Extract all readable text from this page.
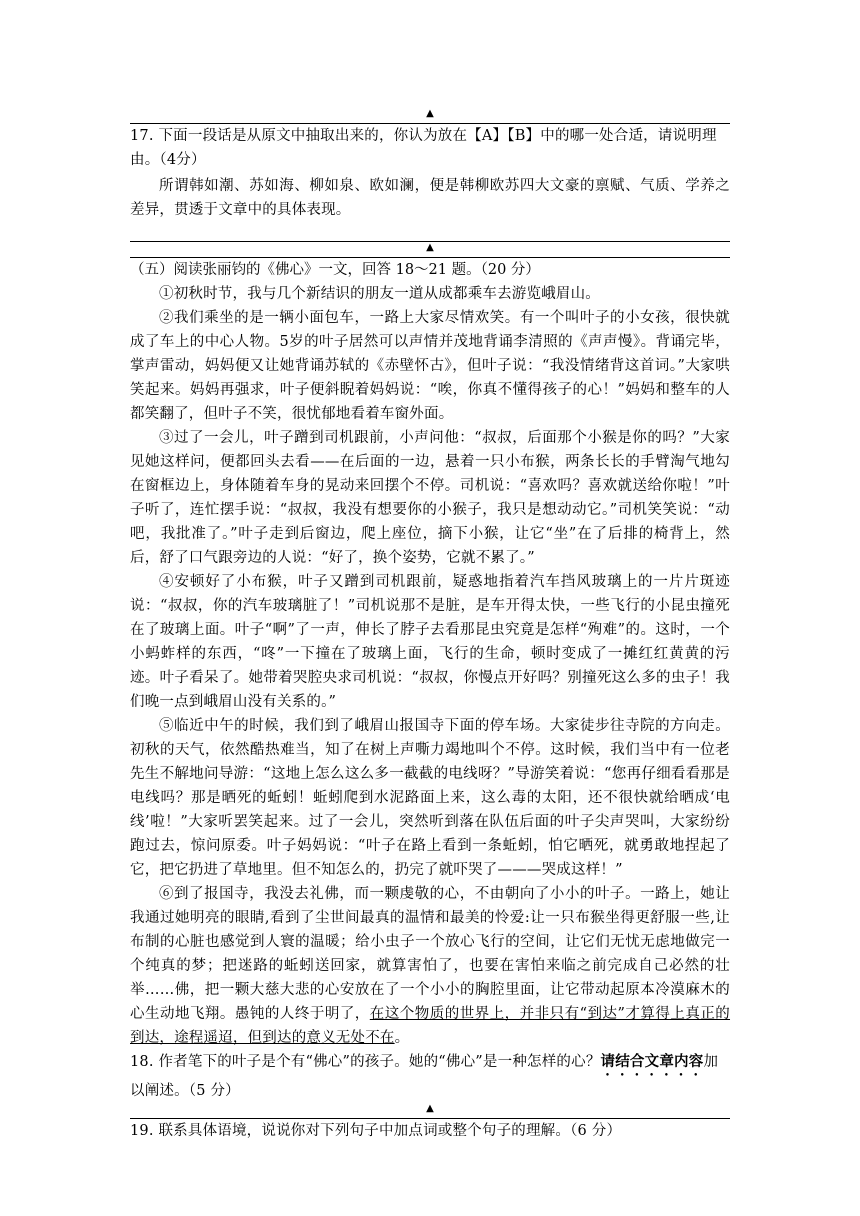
▲

17. 下面一段话是从原文中抽取出来的，你认为放在【A】【B】中的哪一处合适，请说明理由。（4分）

所谓韩如潮、苏如海、柳如泉、欧如澜，便是韩柳欧苏四大文豪的禀赋、气质、学养之差异，贯透于文章中的具体表现。

▲

（五）阅读张丽钧的《佛心》一文，回答 18～21 题。（20 分）

①初秋时节，我与几个新结识的朋友一道从成都乘车去游览峨眉山。

②我们乘坐的是一辆小面包车，一路上大家尽情欢笑。有一个叫叶子的小女孩，很快就成了车上的中心人物。5岁的叶子居然可以声情并茂地背诵李清照的《声声慢》。背诵完毕，掌声雷动，妈妈便又让她背诵苏轼的《赤壁怀古》，但叶子说：“我没情绪背这首词。”大家哄笑起来。妈妈再强求，叶子便斜睨着妈妈说：“唉，你真不懂得孩子的心！”妈妈和整车的人都笑翻了，但叶子不笑，很忧郁地看着车窗外面。

③过了一会儿，叶子蹭到司机跟前，小声问他：“叔叔，后面那个小猴是你的吗？”大家见她这样问，便都回头去看——在后面的一边，悬着一只小布猴，两条长长的手臂淘气地勾在窗框边上，身体随着车身的晃动来回摆个不停。司机说：“喜欢吗？喜欢就送给你啦！”叶子听了，连忙摆手说：“叔叔，我没有想要你的小猴子，我只是想动动它。”司机笑笑说：“动吧，我批准了。”叶子走到后窗边，爬上座位，摘下小猴，让它“坐”在了后排的椅背上，然后，舒了口气跟旁边的人说：“好了，换个姿势，它就不累了。”

④安顿好了小布猴，叶子又蹭到司机跟前，疑惑地指着汽车挡风玻璃上的一片片斑迹说：“叔叔，你的汽车玻璃脏了！”司机说那不是脏，是车开得太快，一些飞行的小昆虫撞死在了玻璃上面。叶子“啊”了一声，伸长了脖子去看那昆虫究竟是怎样“殉难”的。这时，一个小蚂蚱样的东西，“咚”一下撞在了玻璃上面，飞行的生命，顿时变成了一摊红红黄黄的污迹。叶子看呆了。她带着哭腔央求司机说：“叔叔，你慢点开好吗？别撞死这么多的虫子！我们晚一点到峨眉山没有关系的。”

⑤临近中午的时候，我们到了峨眉山报国寺下面的停车场。大家徒步往寺院的方向走。初秋的天气，依然酷热难当，知了在树上声嘶力竭地叫个不停。这时候，我们当中有一位老先生不解地问导游：“这地上怎么这么多一截截的电线呀？”导游笑着说：“您再仔细看看那是电线吗？那是晒死的蚯蚓！蚯蚓爬到水泥路面上来，这么毒的太阳，还不很快就给晒成‘电线’啦！”大家听罢笑起来。过了一会儿，突然听到落在队伍后面的叶子尖声哭叫，大家纷纷跑过去，惊问原委。叶子妈妈说：“叶子在路上看到一条蚯蚓，怕它晒死，就勇敢地捏起了它，把它扔进了草地里。但不知怎么的，扔完了就吓哭了———哭成这样！”

⑥到了报国寺，我没去礼佛，而一颗虔敬的心，不由朝向了小小的叶子。一路上，她让我通过她明亮的眼睛,看到了尘世间最真的温情和最美的怜爱:让一只布猴坐得更舒服一些,让布制的心脏也感觉到人寰的温暖；给小虫子一个放心飞行的空间，让它们无忧无虑地做完一个纯真的梦；把迷路的蚯蚓送回家，就算害怕了，也要在害怕来临之前完成自己必然的壮举……佛，把一颗大慈大悲的心安放在了一个小小的胸腔里面，让它带动起原本冷漠麻木的心生动地飞翔。愚钝的人终于明了，在这个物质的世界上，并非只有“到达”才算得上真正的到达，途程遥迢，但到达的意义无处不在。

18. 作者笔下的叶子是个有“佛心”的孩子。她的“佛心”是一种怎样的心？请结合文章内容加以阐述。（5 分）

▲

19. 联系具体语境，说说你对下列句子中加点词或整个句子的理解。（6 分）
